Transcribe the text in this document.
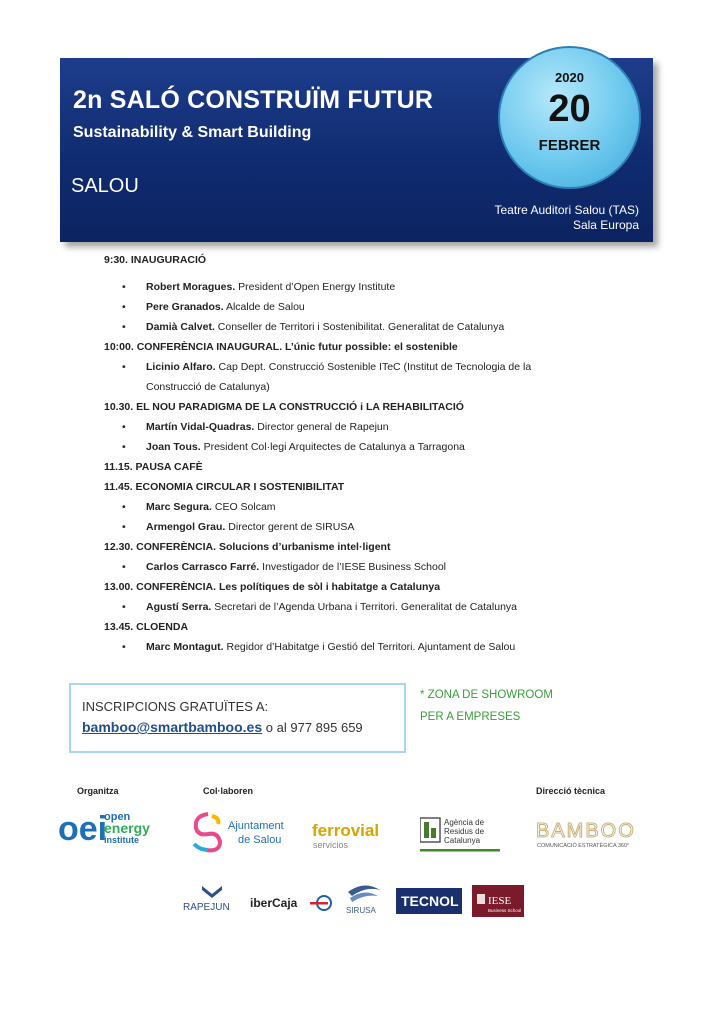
2n SALÓ CONSTRUÏM FUTUR
Sustainability & Smart Building
SALOU
Teatre Auditori Salou (TAS)
Sala Europa
2020
20
FEBRER
9:30. INAUGURACIÓ
• Robert Moragues. President d’Open Energy Institute
• Pere Granados. Alcalde de Salou
• Damià Calvet. Conseller de Territori i Sostenibilitat. Generalitat de Catalunya
10:00. CONFERÈNCIA INAUGURAL. L’únic futur possible: el sostenible
• Licinio Alfaro. Cap Dept. Construcció Sostenible ITeC (Institut de Tecnologia de la Construcció de Catalunya)
10.30. EL NOU PARADIGMA DE LA CONSTRUCCIÓ i LA REHABILITACIÓ
• Martín Vidal-Quadras. Director general de Rapejun
• Joan Tous. President Col·legi Arquitectes de Catalunya a Tarragona
11.15. PAUSA CAFÈ
11.45. ECONOMIA CIRCULAR I SOSTENIBILITAT
• Marc Segura. CEO Solcam
• Armengol Grau. Director gerent de SIRUSA
12.30. CONFERÈNCIA. Solucions d’urbanisme intel·ligent
• Carlos Carrasco Farré. Investigador de l’IESE Business School
13.00. CONFERÈNCIA. Les polítiques de sòl i habitatge a Catalunya
• Agustí Serra. Secretari de l’Agenda Urbana i Territori. Generalitat de Catalunya
13.45. CLOENDA
• Marc Montagut. Regidor d’Habitatge i Gestió del Territori. Ajuntament de Salou
INSCRIPCIONS GRATUÏTES A:
bamboo@smartbamboo.es o al 977 895 659
* ZONA DE SHOWROOM
PER A EMPRESES
Organitza	Col·laboren	Direcció tècnica
oei
open
energy
institute
Ajuntament
de Salou ferrovial
servicios
Agència de
Residus de
Catalunya	BAMBOO
COMUNICACIÓ ESTRATÈGICA 360°
RAPEJUN iberCaja
SIRUSA
TECNOL	IESE
Business School
